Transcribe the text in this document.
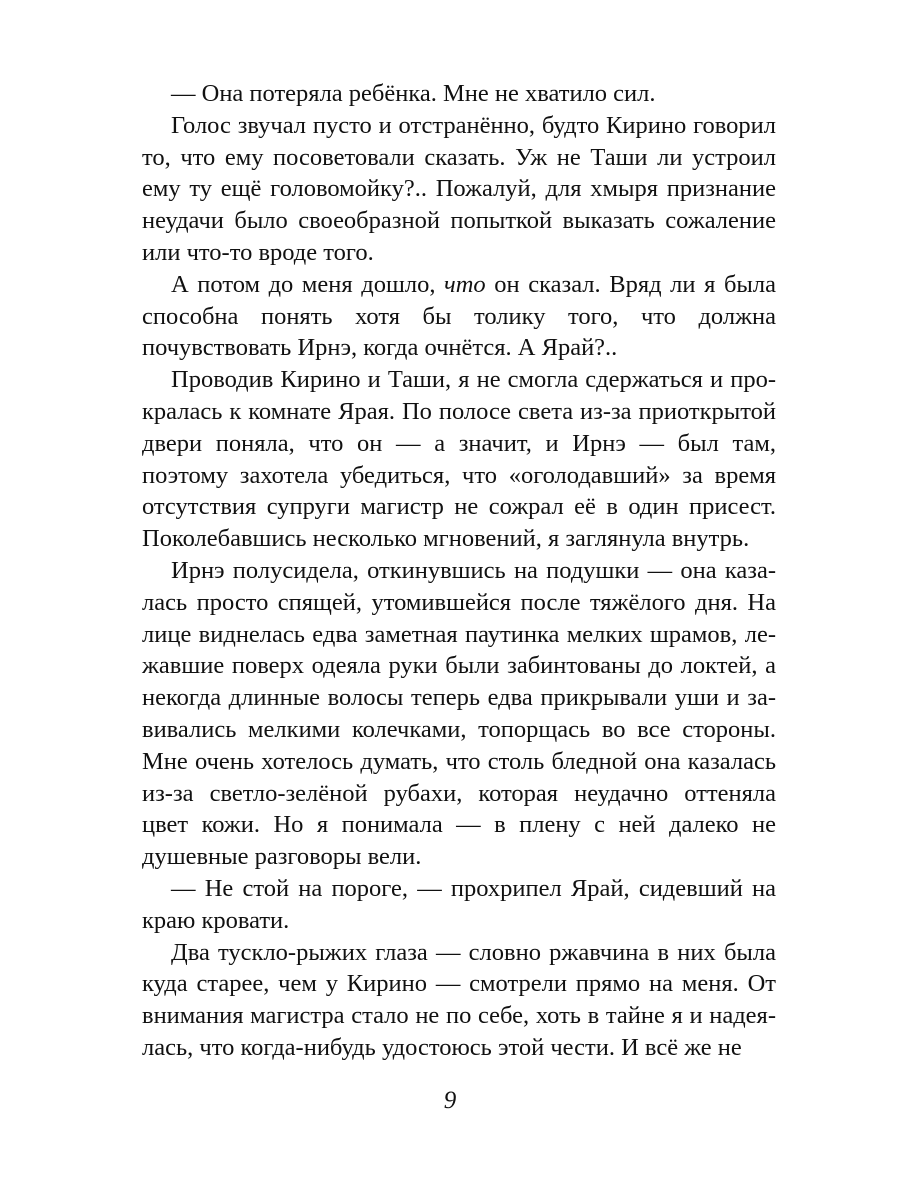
— Она потеряла ребёнка. Мне не хватило сил.

Голос звучал пусто и отстранённо, будто Кирино говорил то, что ему посоветовали сказать. Уж не Таши ли устроил ему ту ещё головомойку?.. Пожалуй, для хмыря признание неудачи было своеобразной попыткой выказать сожаление или что-то вроде того.

А потом до меня дошло, что он сказал. Вряд ли я была способна понять хотя бы толику того, что должна почувствовать Ирнэ, когда очнётся. А Ярай?..

Проводив Кирино и Таши, я не смогла сдержаться и прокралась к комнате Ярая. По полосе света из-за приоткрытой двери поняла, что он — а значит, и Ирнэ — был там, поэтому захотела убедиться, что «оголодавший» за время отсутствия супруги магистр не сожрал её в один присест. Поколебавшись несколько мгновений, я заглянула внутрь.

Ирнэ полусидела, откинувшись на подушки — она казалась просто спящей, утомившейся после тяжёлого дня. На лице виднелась едва заметная паутинка мелких шрамов, лежавшие поверх одеяла руки были забинтованы до локтей, а некогда длинные волосы теперь едва прикрывали уши и завивались мелкими колечками, топорщась во все стороны. Мне очень хотелось думать, что столь бледной она казалась из-за светло-зелёной рубахи, которая неудачно оттеняла цвет кожи. Но я понимала — в плену с ней далеко не душевные разговоры вели.

— Не стой на пороге, — прохрипел Ярай, сидевший на краю кровати.

Два тускло-рыжих глаза — словно ржавчина в них была куда старее, чем у Кирино — смотрели прямо на меня. От внимания магистра стало не по себе, хоть в тайне я и надеялась, что когда-нибудь удостоюсь этой чести. И всё же не

9
